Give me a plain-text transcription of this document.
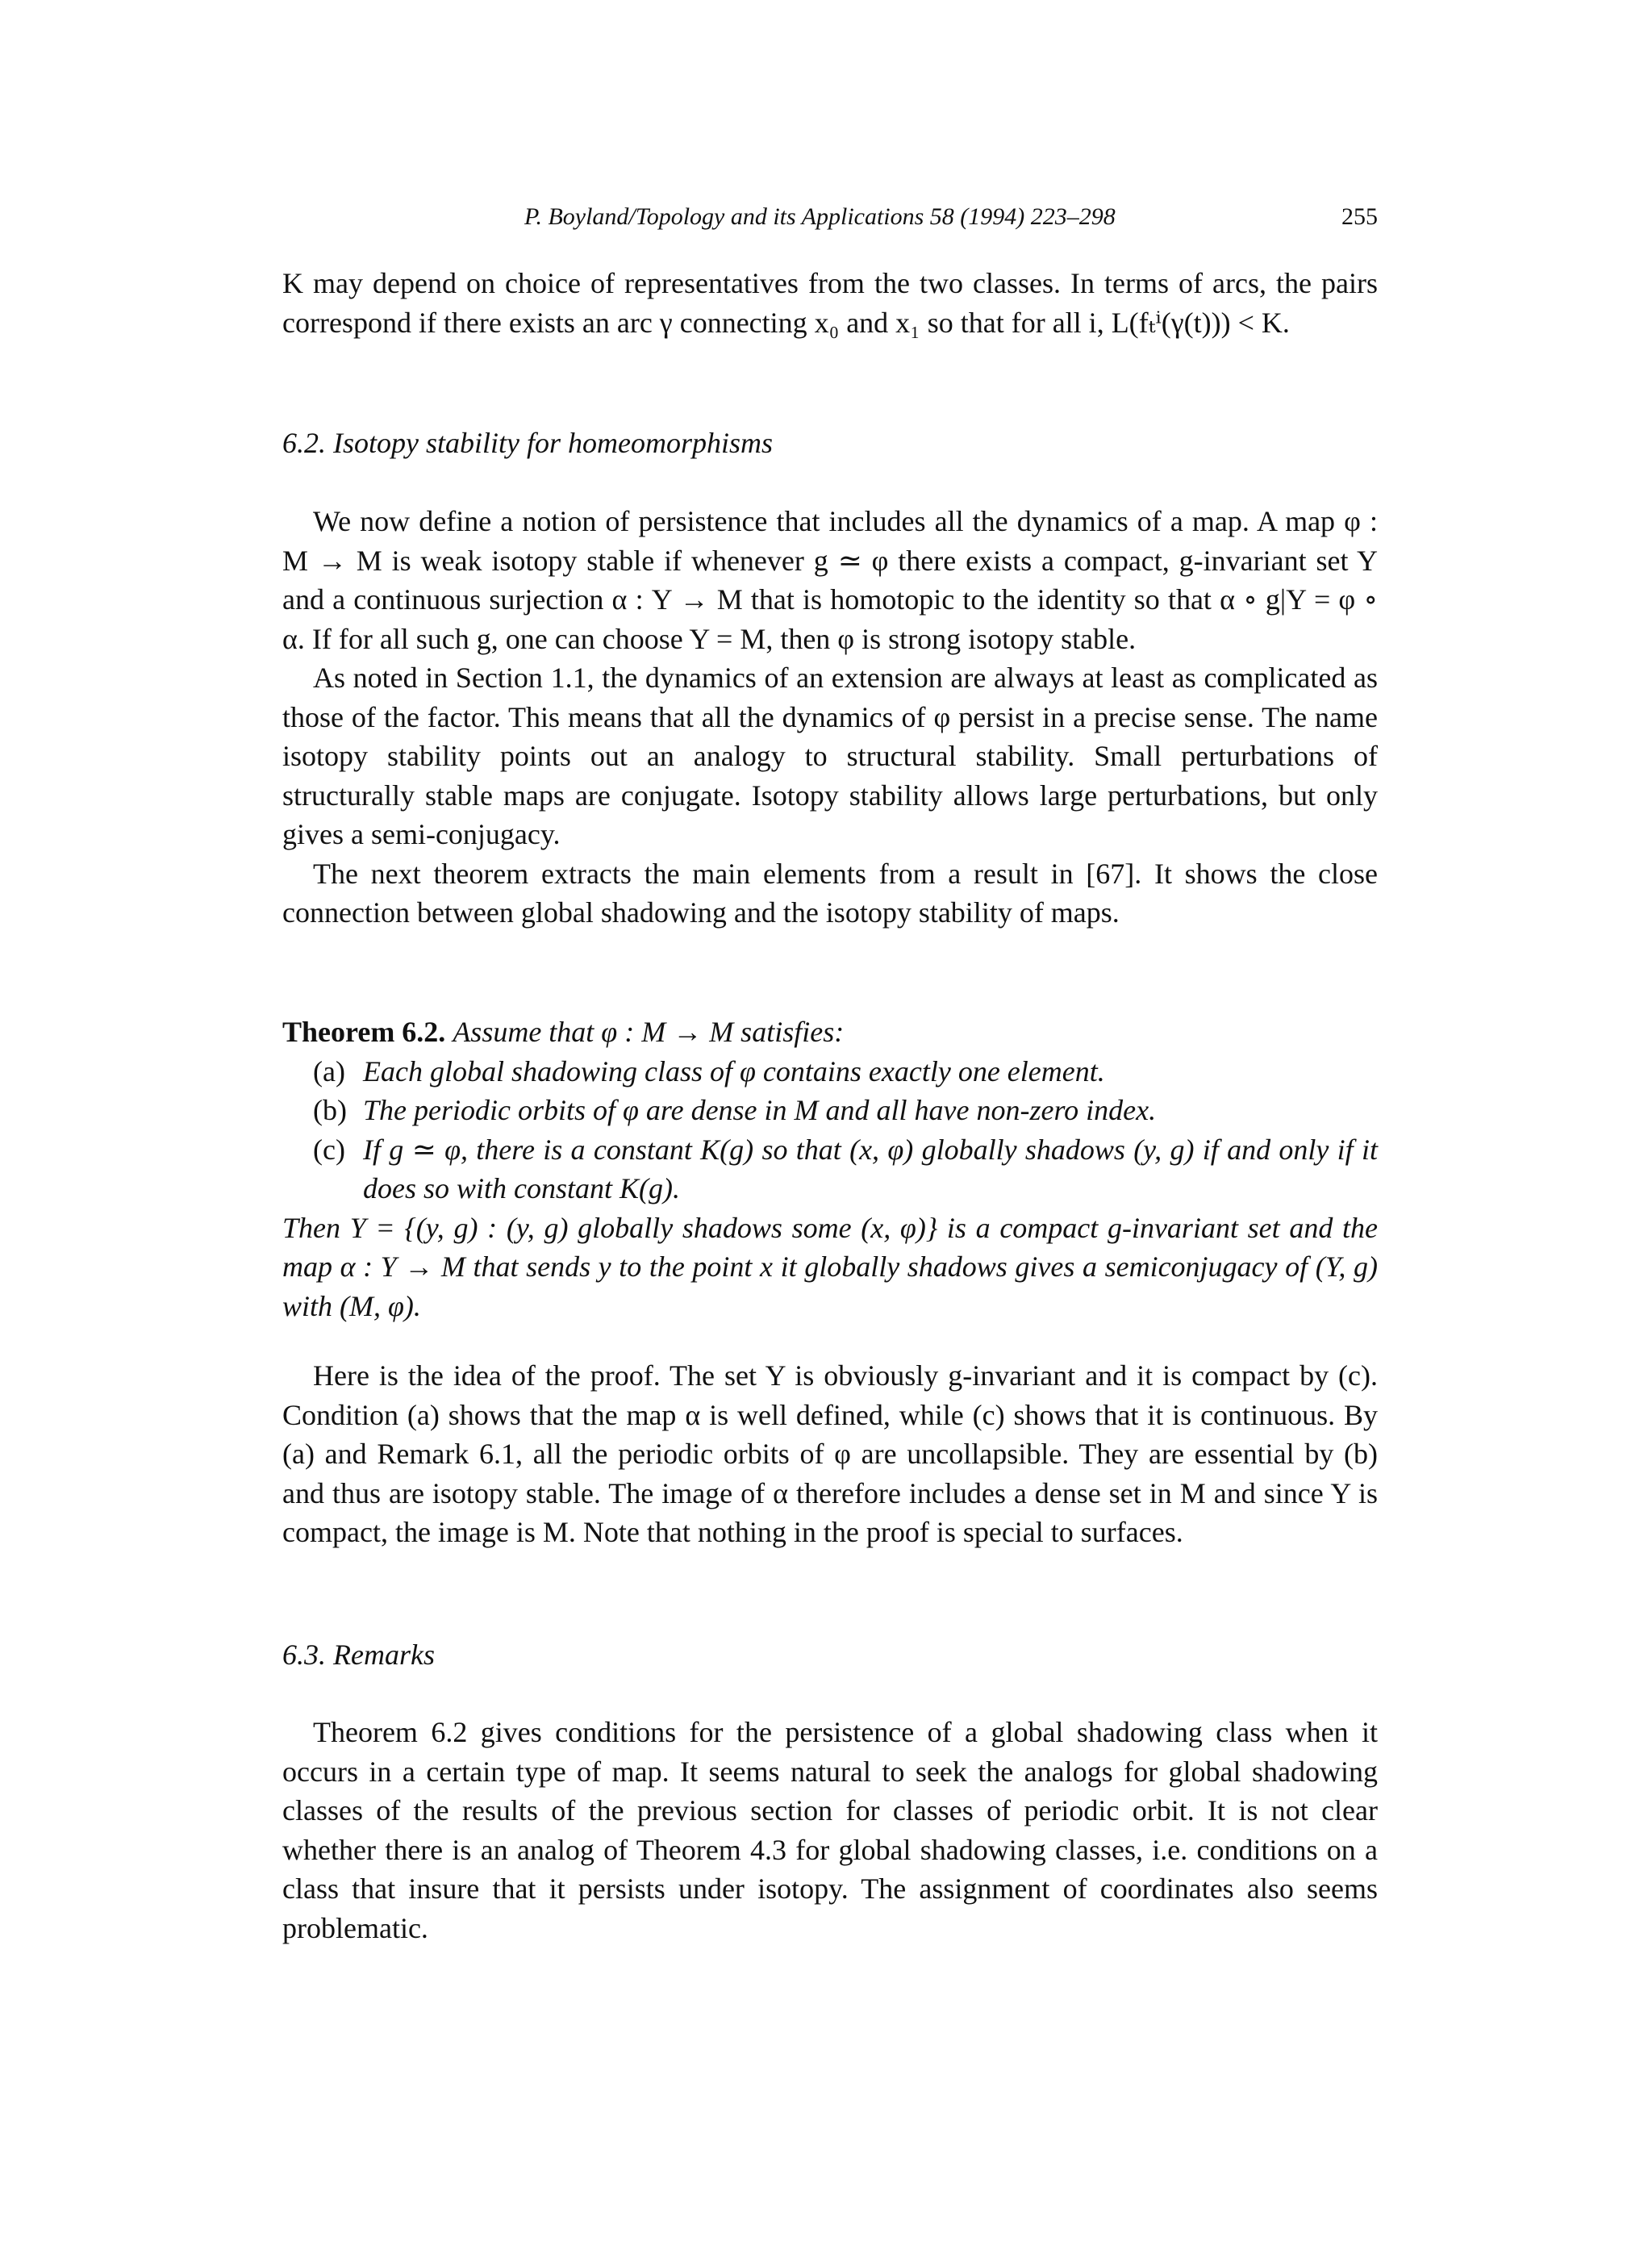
P. Boyland/Topology and its Applications 58 (1994) 223–298	255

K may depend on choice of representatives from the two classes. In terms of arcs, the pairs correspond if there exists an arc γ connecting x₀ and x₁ so that for all i, L(fₜⁱ(γ(t))) < K.

6.2. Isotopy stability for homeomorphisms

We now define a notion of persistence that includes all the dynamics of a map. A map φ : M → M is weak isotopy stable if whenever g ≃ φ there exists a compact, g-invariant set Y and a continuous surjection α : Y → M that is homotopic to the identity so that α ∘ g|Y = φ ∘ α. If for all such g, one can choose Y = M, then φ is strong isotopy stable.

As noted in Section 1.1, the dynamics of an extension are always at least as complicated as those of the factor. This means that all the dynamics of φ persist in a precise sense. The name isotopy stability points out an analogy to structural stability. Small perturbations of structurally stable maps are conjugate. Isotopy stability allows large perturbations, but only gives a semi-conjugacy.

The next theorem extracts the main elements from a result in [67]. It shows the close connection between global shadowing and the isotopy stability of maps.

Theorem 6.2. Assume that φ : M → M satisfies:

(a) Each global shadowing class of φ contains exactly one element.

(b) The periodic orbits of φ are dense in M and all have non-zero index.

(c) If g ≃ φ, there is a constant K(g) so that (x, φ) globally shadows (y, g) if and only if it does so with constant K(g).

Then Y = {(y, g) : (y, g) globally shadows some (x, φ)} is a compact g-invariant set and the map α : Y → M that sends y to the point x it globally shadows gives a semiconjugacy of (Y, g) with (M, φ).

Here is the idea of the proof. The set Y is obviously g-invariant and it is compact by (c). Condition (a) shows that the map α is well defined, while (c) shows that it is continuous. By (a) and Remark 6.1, all the periodic orbits of φ are uncollapsible. They are essential by (b) and thus are isotopy stable. The image of α therefore includes a dense set in M and since Y is compact, the image is M. Note that nothing in the proof is special to surfaces.

6.3. Remarks

Theorem 6.2 gives conditions for the persistence of a global shadowing class when it occurs in a certain type of map. It seems natural to seek the analogs for global shadowing classes of the results of the previous section for classes of periodic orbit. It is not clear whether there is an analog of Theorem 4.3 for global shadowing classes, i.e. conditions on a class that insure that it persists under isotopy. The assignment of coordinates also seems problematic.
